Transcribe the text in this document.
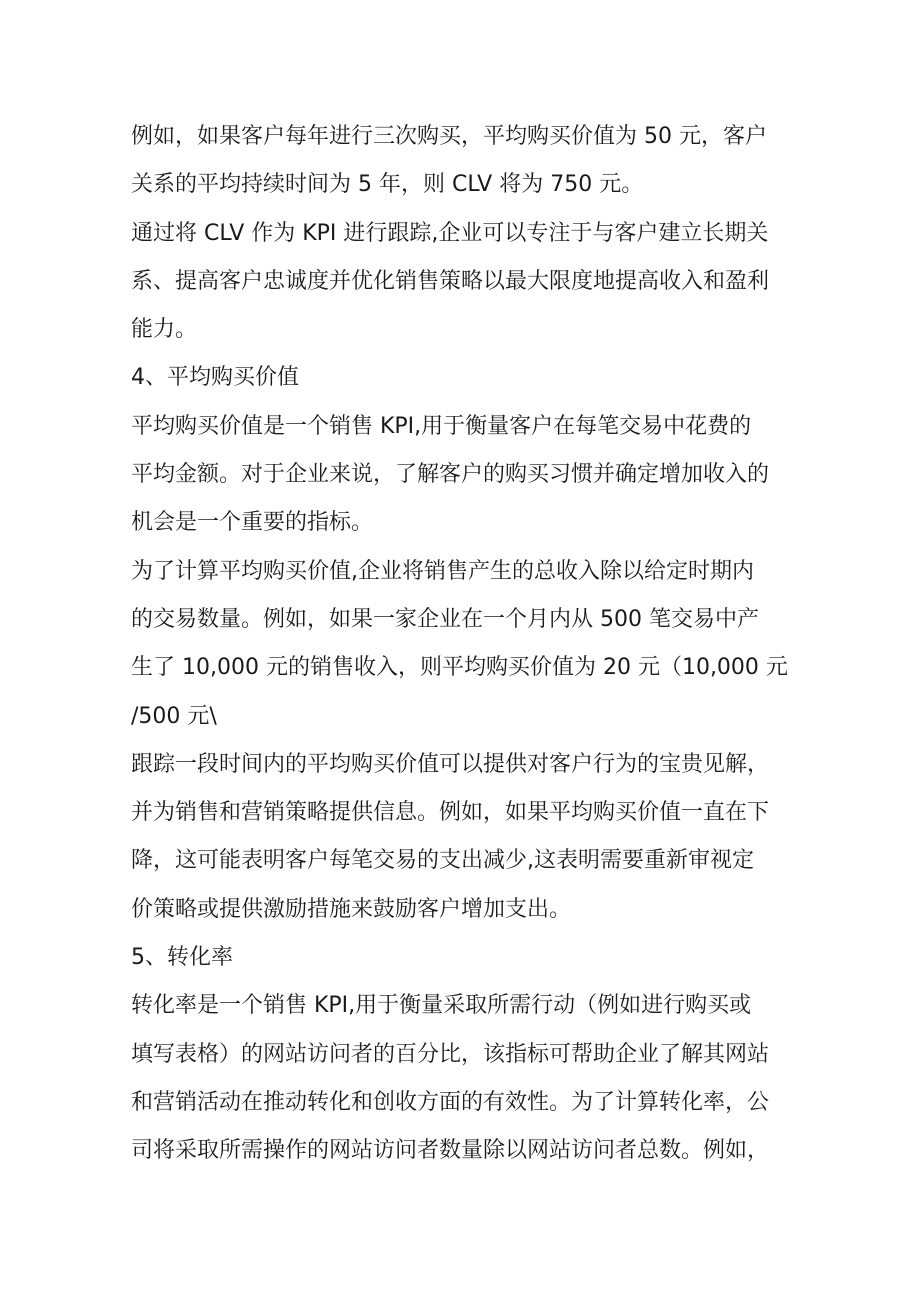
例如，如果客户每年进行三次购买，平均购买价值为 50 元，客户
关系的平均持续时间为 5 年，则 CLV 将为 750 元。
通过将 CLV 作为 KPI 进行跟踪,企业可以专注于与客户建立长期关
系、提高客户忠诚度并优化销售策略以最大限度地提高收入和盈利
能力。
4、平均购买价值
平均购买价值是一个销售 KPI,用于衡量客户在每笔交易中花费的
平均金额。对于企业来说，了解客户的购买习惯并确定增加收入的
机会是一个重要的指标。
为了计算平均购买价值,企业将销售产生的总收入除以给定时期内
的交易数量。例如，如果一家企业在一个月内从 500 笔交易中产
生了 10,000 元的销售收入，则平均购买价值为 20 元（10,000 元
/500 元\
跟踪一段时间内的平均购买价值可以提供对客户行为的宝贵见解，
并为销售和营销策略提供信息。例如，如果平均购买价值一直在下
降，这可能表明客户每笔交易的支出减少,这表明需要重新审视定
价策略或提供激励措施来鼓励客户增加支出。
5、转化率
转化率是一个销售 KPI,用于衡量采取所需行动（例如进行购买或
填写表格）的网站访问者的百分比，该指标可帮助企业了解其网站
和营销活动在推动转化和创收方面的有效性。为了计算转化率，公
司将采取所需操作的网站访问者数量除以网站访问者总数。例如，
